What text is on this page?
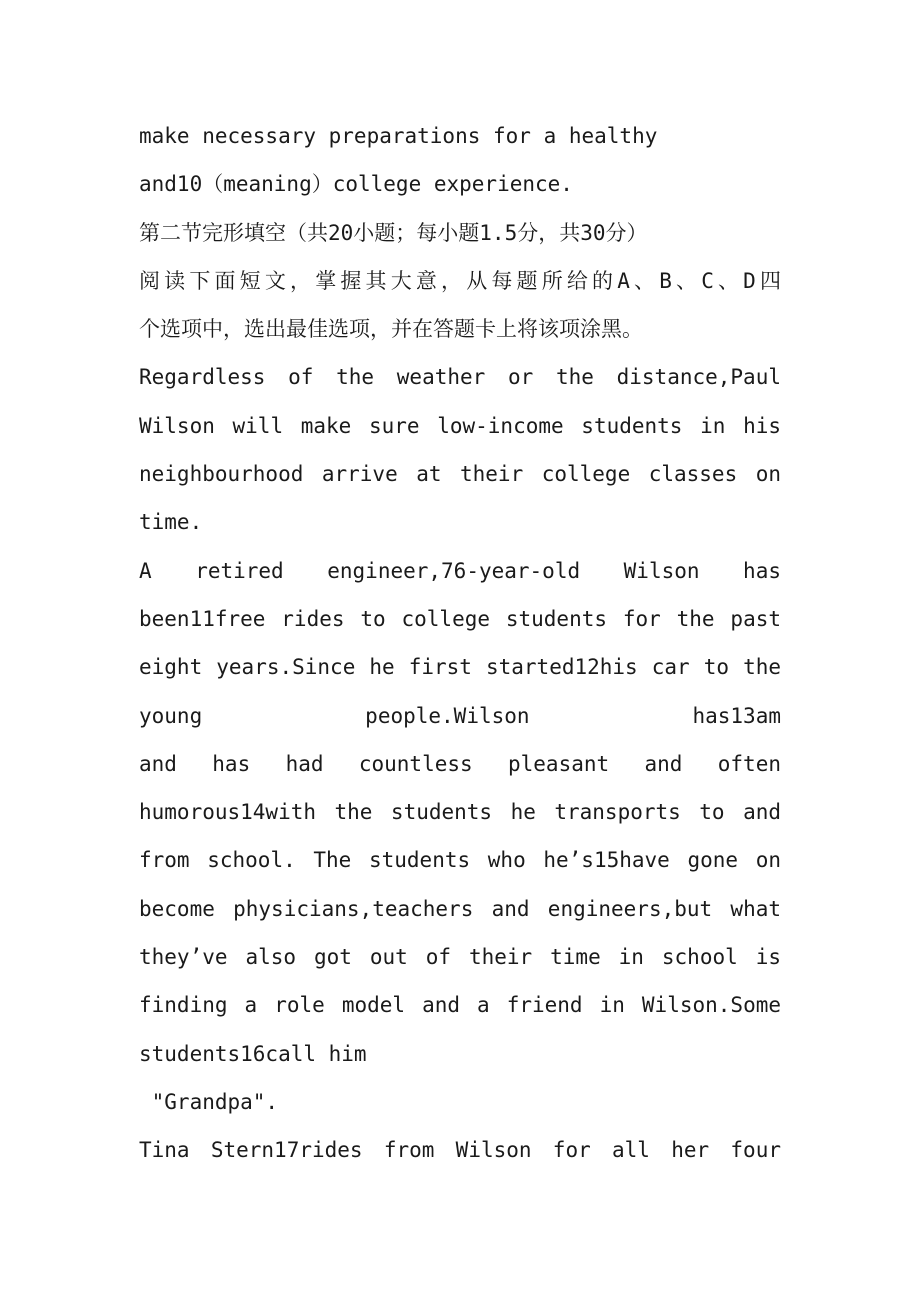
make necessary preparations for a healthy
and10（meaning）college experience.
第二节完形填空（共20小题；每小题1.5分，共30分）
阅读下面短文，掌握其大意，从每题所给的A、B、C、D四
个选项中，选出最佳选项，并在答题卡上将该项涂黑。
Regardless of the weather or the distance,Paul
Wilson will make sure low-income students in his
neighbourhood arrive at their college classes on
time.
A retired engineer,76-year-old Wilson has
been11free rides to college students for the past
eight years.Since he first started12his car to the
young people.Wilson has13am
and has had countless pleasant and often
humorous14with the students he transports to and
from school. The students who he’s15have gone on
become physicians,teachers and engineers,but what
they’ve also got out of their time in school is
finding a role model and a friend in Wilson.Some
students16call him
"Grandpa".
Tina Stern17rides from Wilson for all her four
